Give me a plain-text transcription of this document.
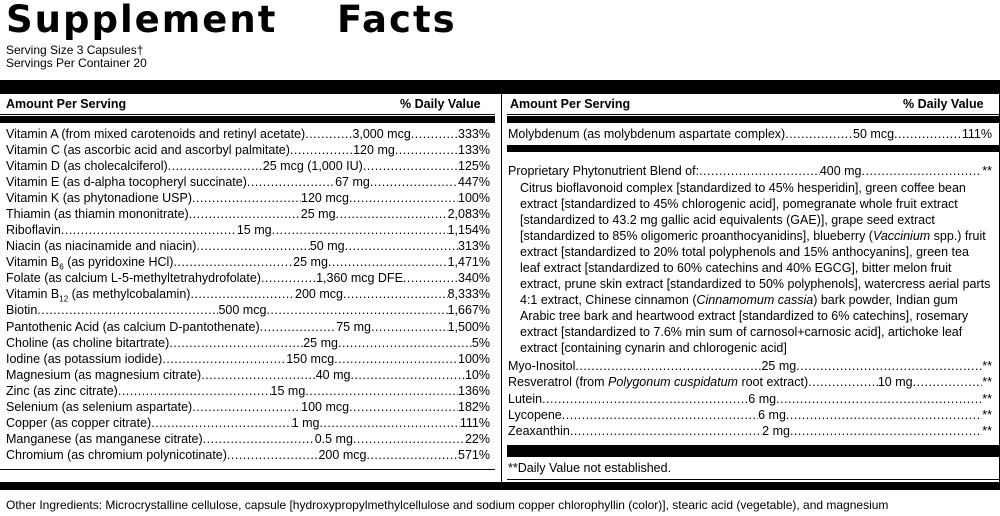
Supplement    Facts
Serving Size 3 Capsules†
Servings Per Container 20
Amount Per Serving	% Daily Value Amount Per Serving	% Daily Value
Vitamin A (from mixed carotenoids and retinyl acetate) .....	3,000 mcg .....	333%
Vitamin C (as ascorbic acid and ascorbyl palmitate) .....	120 mg .....	133%
Vitamin D (as cholecalciferol) .....	25 mcg (1,000 IU) .....	125%
Vitamin E (as d-alpha tocopheryl succinate) .....	67 mg .....	447%
Vitamin K (as phytonadione USP) .....	120 mcg .....	100%
Thiamin (as thiamin mononitrate) .....	25 mg .....	2,083%
Riboflavin .....	15 mg .....	1,154%
Niacin (as niacinamide and niacin) .....	50 mg .....	313%
Vitamin $B_6$ (as pyridoxine HCl) .....	25 mg .....	1,471%
Folate (as calcium L-5-methyltetrahydrofolate) .....	1,360 mcg DFE .....	340%
Vitamin $B_{12}$ (as methylcobalamin) .....	200 mcg .....	8,333%
Biotin .....	500 mcg .....	1,667%
Pantothenic Acid (as calcium D-pantothenate) .....	75 mg .....	1,500%
Choline (as choline bitartrate) .....	25 mg .....	5%
Iodine (as potassium iodide) .....	150 mcg .....	100%
Magnesium (as magnesium citrate) .....	40 mg .....	10%
Zinc (as zinc citrate) .....	15 mg .....	136%
Selenium (as selenium aspartate) .....	100 mcg .....	182%
Copper (as copper citrate) .....	1 mg .....	111%
Manganese (as manganese citrate) .....	0.5 mg .....	22%
Chromium (as chromium polynicotinate) .....	200 mcg .....	571%
Molybdenum (as molybdenum aspartate complex) .....	50 mcg .....	111%
Proprietary Phytonutrient Blend of: .....	400 mg .....	**
Citrus bioflavonoid complex [standardized to 45% hesperidin], green coffee bean extract [standardized to 45% chlorogenic acid], pomegranate whole fruit extract [standardized to 43.2 mg gallic acid equivalents (GAE)], grape seed extract [standardized to 85% oligomeric proanthocyanidins], blueberry (Vaccinium spp.) fruit extract [standardized to 20% total polyphenols and 15% anthocyanins], green tea leaf extract [standardized to 60% catechins and 40% EGCG], bitter melon fruit extract, prune skin extract [standardized to 50% polyphenols], watercress aerial parts 4:1 extract, Chinese cinnamon (Cinnamomum cassia) bark powder, Indian gum Arabic tree bark and heartwood extract [standardized to 6% catechins], rosemary extract [standardized to 7.6% min sum of carnosol+carnosic acid], artichoke leaf extract [containing cynarin and chlorogenic acid]
Myo-Inositol .....	25 mg .....	**
Resveratrol (from Polygonum cuspidatum root extract) .....	10 mg .....	**
Lutein .....	6 mg .....	**
Lycopene .....	6 mg .....	**
Zeaxanthin .....	2 mg .....	**
**Daily Value not established.
Other Ingredients: Microcrystalline cellulose, capsule [hydroxypropylmethylcellulose and sodium copper chlorophyllin (color)], stearic acid (vegetable), and magnesium
